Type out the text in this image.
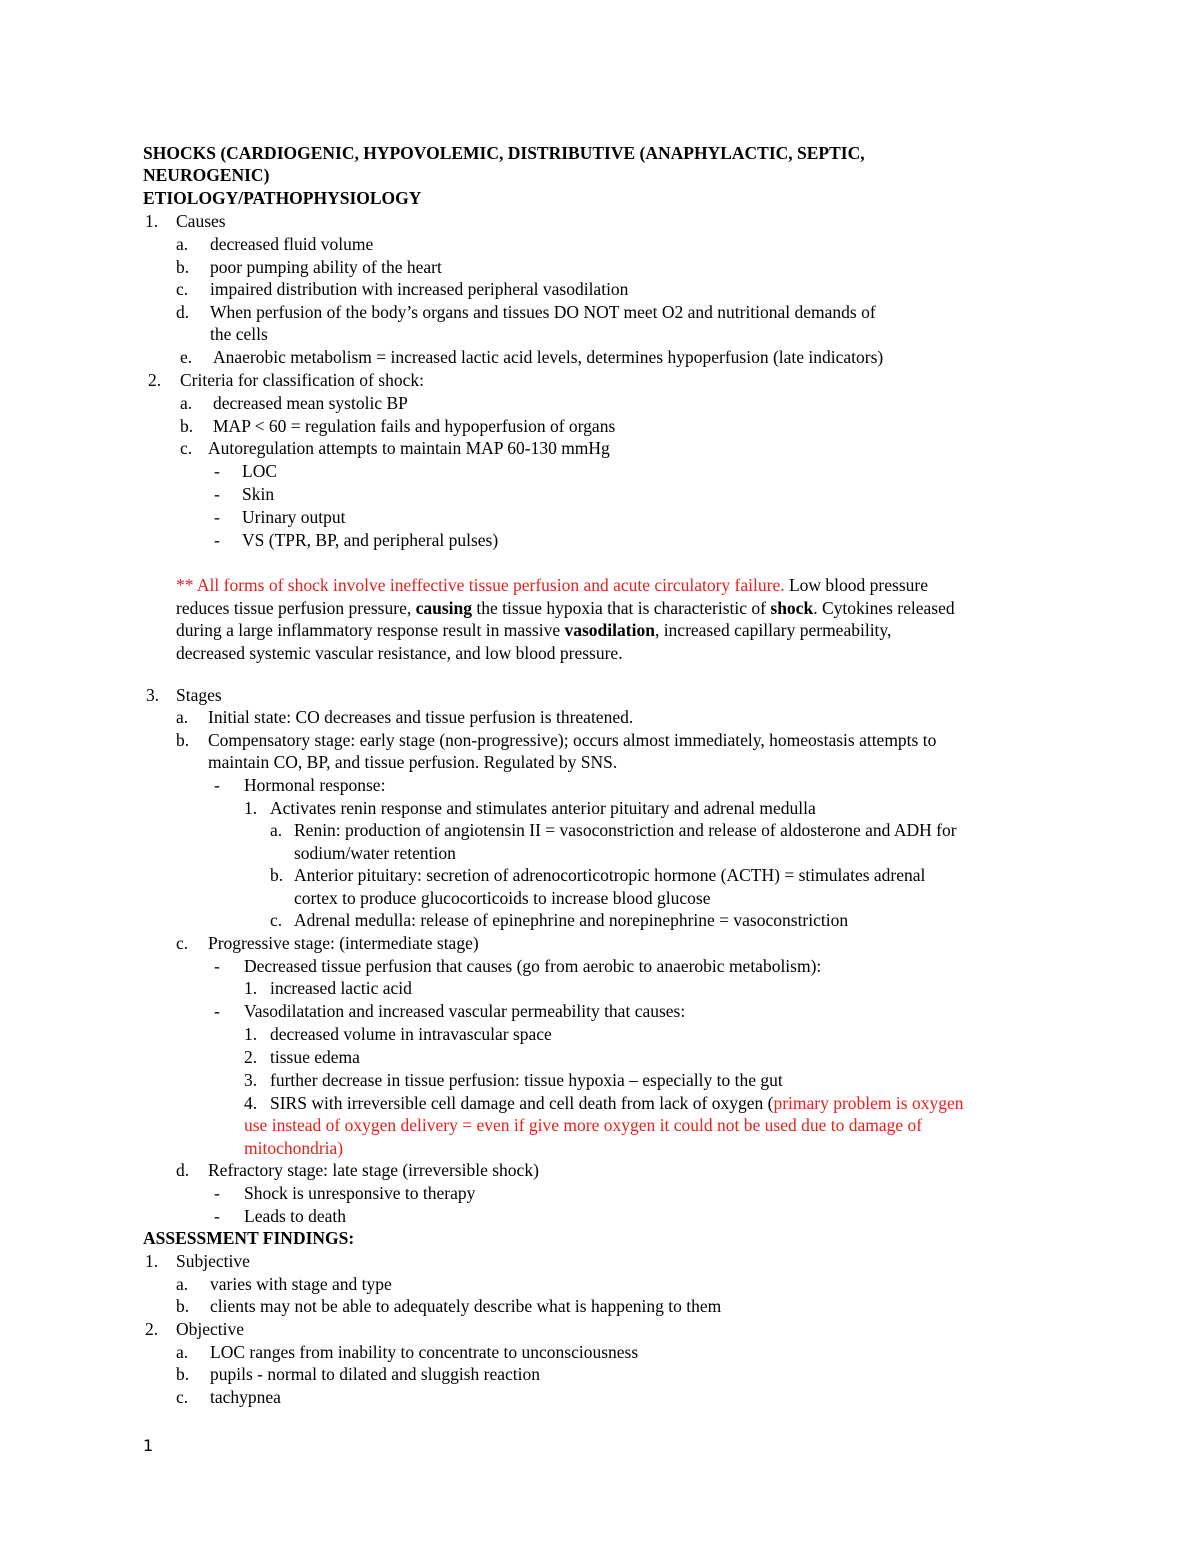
SHOCKS (CARDIOGENIC, HYPOVOLEMIC, DISTRIBUTIVE (ANAPHYLACTIC, SEPTIC,
NEUROGENIC)
ETIOLOGY/PATHOPHYSIOLOGY
1. Causes
a. decreased fluid volume
b. poor pumping ability of the heart
c. impaired distribution with increased peripheral vasodilation
d. When perfusion of the body’s organs and tissues DO NOT meet O2 and nutritional demands of
the cells
e. Anaerobic metabolism = increased lactic acid levels, determines hypoperfusion (late indicators)
2. Criteria for classification of shock:
a. decreased mean systolic BP
b. MAP < 60 = regulation fails and hypoperfusion of organs
c. Autoregulation attempts to maintain MAP 60-130 mmHg
- LOC
- Skin
- Urinary output
- VS (TPR, BP, and peripheral pulses)
** All forms of shock involve ineffective tissue perfusion and acute circulatory failure. Low blood pressure
reduces tissue perfusion pressure, causing the tissue hypoxia that is characteristic of shock. Cytokines released
during a large inflammatory response result in massive vasodilation, increased capillary permeability,
decreased systemic vascular resistance, and low blood pressure.
3. Stages
a. Initial state: CO decreases and tissue perfusion is threatened.
b. Compensatory stage: early stage (non-progressive); occurs almost immediately, homeostasis attempts to
maintain CO, BP, and tissue perfusion. Regulated by SNS.
- Hormonal response:
1. Activates renin response and stimulates anterior pituitary and adrenal medulla
a. Renin: production of angiotensin II = vasoconstriction and release of aldosterone and ADH for
sodium/water retention
b. Anterior pituitary: secretion of adrenocorticotropic hormone (ACTH) = stimulates adrenal
cortex to produce glucocorticoids to increase blood glucose
c. Adrenal medulla: release of epinephrine and norepinephrine = vasoconstriction
c. Progressive stage: (intermediate stage)
- Decreased tissue perfusion that causes (go from aerobic to anaerobic metabolism):
1. increased lactic acid
- Vasodilatation and increased vascular permeability that causes:
1. decreased volume in intravascular space
2. tissue edema
3. further decrease in tissue perfusion: tissue hypoxia – especially to the gut
4. SIRS with irreversible cell damage and cell death from lack of oxygen (primary problem is oxygen
use instead of oxygen delivery = even if give more oxygen it could not be used due to damage of
mitochondria)
d. Refractory stage: late stage (irreversible shock)
- Shock is unresponsive to therapy
- Leads to death
ASSESSMENT FINDINGS:
1. Subjective
a. varies with stage and type
b. clients may not be able to adequately describe what is happening to them
2. Objective
a. LOC ranges from inability to concentrate to unconsciousness
b. pupils - normal to dilated and sluggish reaction
c. tachypnea
1
